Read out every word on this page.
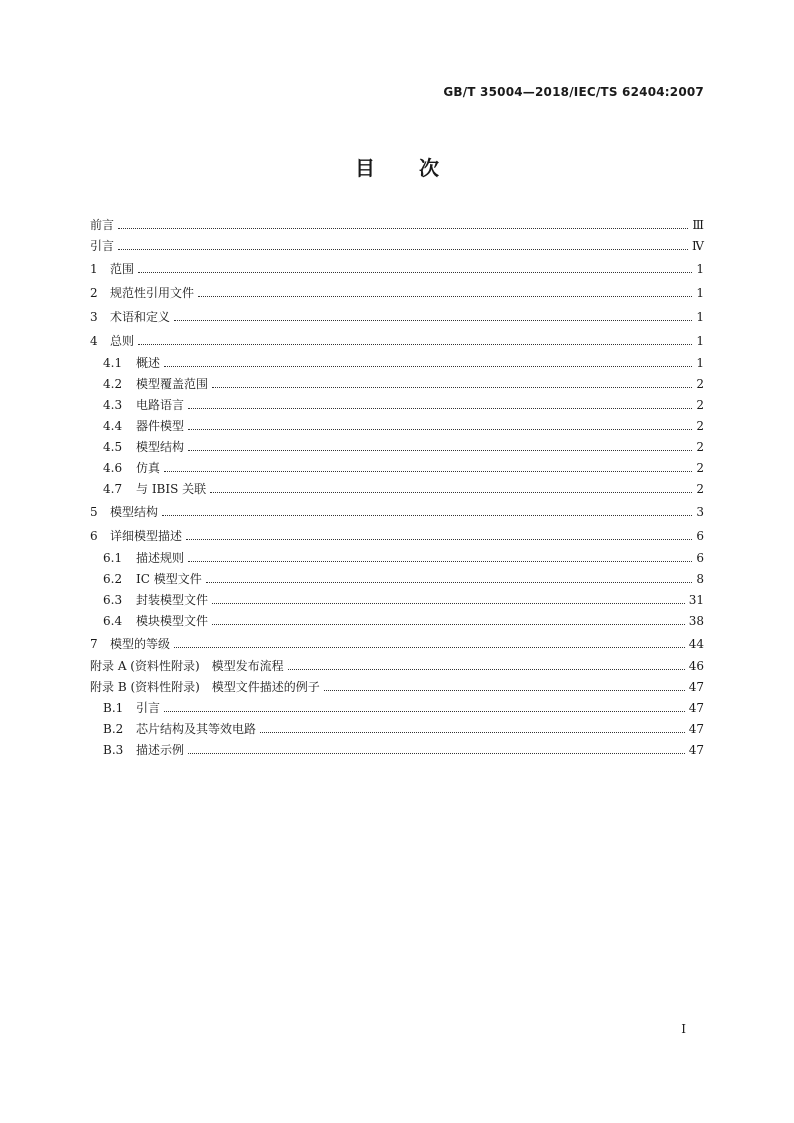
GB/T 35004—2018/IEC/TS 62404:2007
目次
前言	Ⅲ
引言	Ⅳ
1	范围	1
2	规范性引用文件	1
3	术语和定义	1
4	总则	1
4.1	概述	1
4.2	模型覆盖范围	2
4.3	电路语言	2
4.4	器件模型	2
4.5	模型结构	2
4.6	仿真	2
4.7	与 IBIS 关联	2
5	模型结构	3
6	详细模型描述	6
6.1	描述规则	6
6.2	IC 模型文件	8
6.3	封装模型文件	31
6.4	模块模型文件	38
7	模型的等级	44
附录 A (资料性附录)　模型发布流程	46
附录 B (资料性附录)　模型文件描述的例子	47
B.1	引言	47
B.2	芯片结构及其等效电路	47
B.3	描述示例	47
I
